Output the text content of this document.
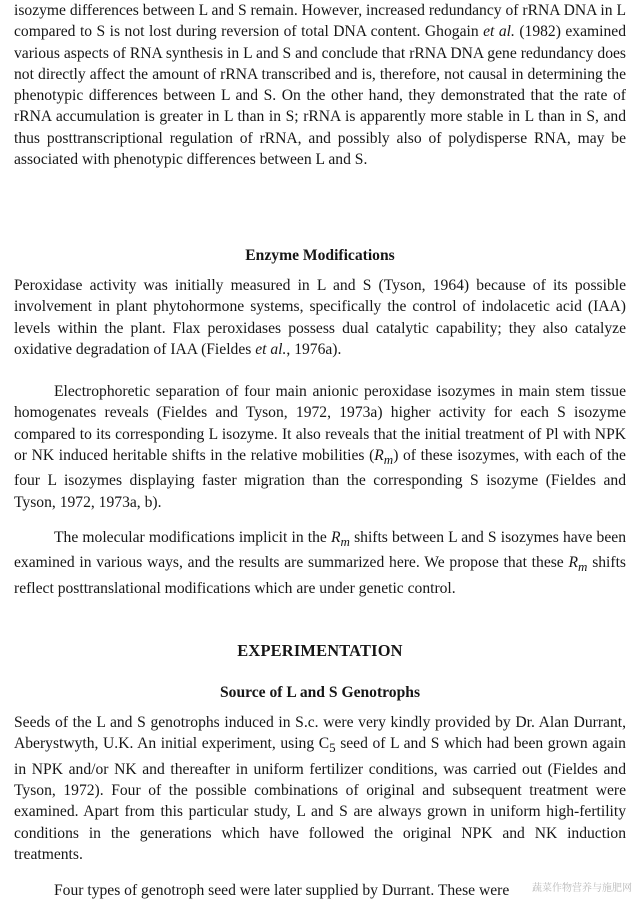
isozyme differences between L and S remain. However, increased redundancy of rRNA DNA in L compared to S is not lost during reversion of total DNA content. Ghogain et al. (1982) examined various aspects of RNA synthesis in L and S and conclude that rRNA DNA gene redundancy does not directly affect the amount of rRNA transcribed and is, therefore, not causal in determining the phenotypic differences between L and S. On the other hand, they demonstrated that the rate of rRNA accumulation is greater in L than in S; rRNA is apparently more stable in L than in S, and thus posttranscriptional regulation of rRNA, and possibly also of polydisperse RNA, may be associated with phenotypic differences between L and S.

Enzyme Modifications

Peroxidase activity was initially measured in L and S (Tyson, 1964) because of its possible involvement in plant phytohormone systems, specifically the control of indolacetic acid (IAA) levels within the plant. Flax peroxidases possess dual catalytic capability; they also catalyze oxidative degradation of IAA (Fieldes et al., 1976a).

Electrophoretic separation of four main anionic peroxidase isozymes in main stem tissue homogenates reveals (Fieldes and Tyson, 1972, 1973a) higher activity for each S isozyme compared to its corresponding L isozyme. It also reveals that the initial treatment of Pl with NPK or NK induced heritable shifts in the relative mobilities $(R_m)$ of these isozymes, with each of the four L isozymes displaying faster migration than the corresponding S isozyme (Fieldes and Tyson, 1972, 1973a, b).

The molecular modifications implicit in the $R_m$ shifts between L and S isozymes have been examined in various ways, and the results are summarized here. We propose that these $R_m$ shifts reflect posttranslational modifications which are under genetic control.

EXPERIMENTATION
Source of L and S Genotrophs

Seeds of the L and S genotrophs induced in S.c. were very kindly provided by Dr. Alan Durrant, Aberystwyth, U.K. An initial experiment, using $C_5$ seed of L and S which had been grown again in NPK and/or NK and thereafter in uniform fertilizer conditions, was carried out (Fieldes and Tyson, 1972). Four of the possible combinations of original and subsequent treatment were examined. Apart from this particular study, L and S are always grown in uniform high-fertility conditions in the generations which have followed the original NPK and NK induction treatments.

Four types of genotroph seed were later supplied by Durrant. These were 蔬菜作物营养与施肥网
